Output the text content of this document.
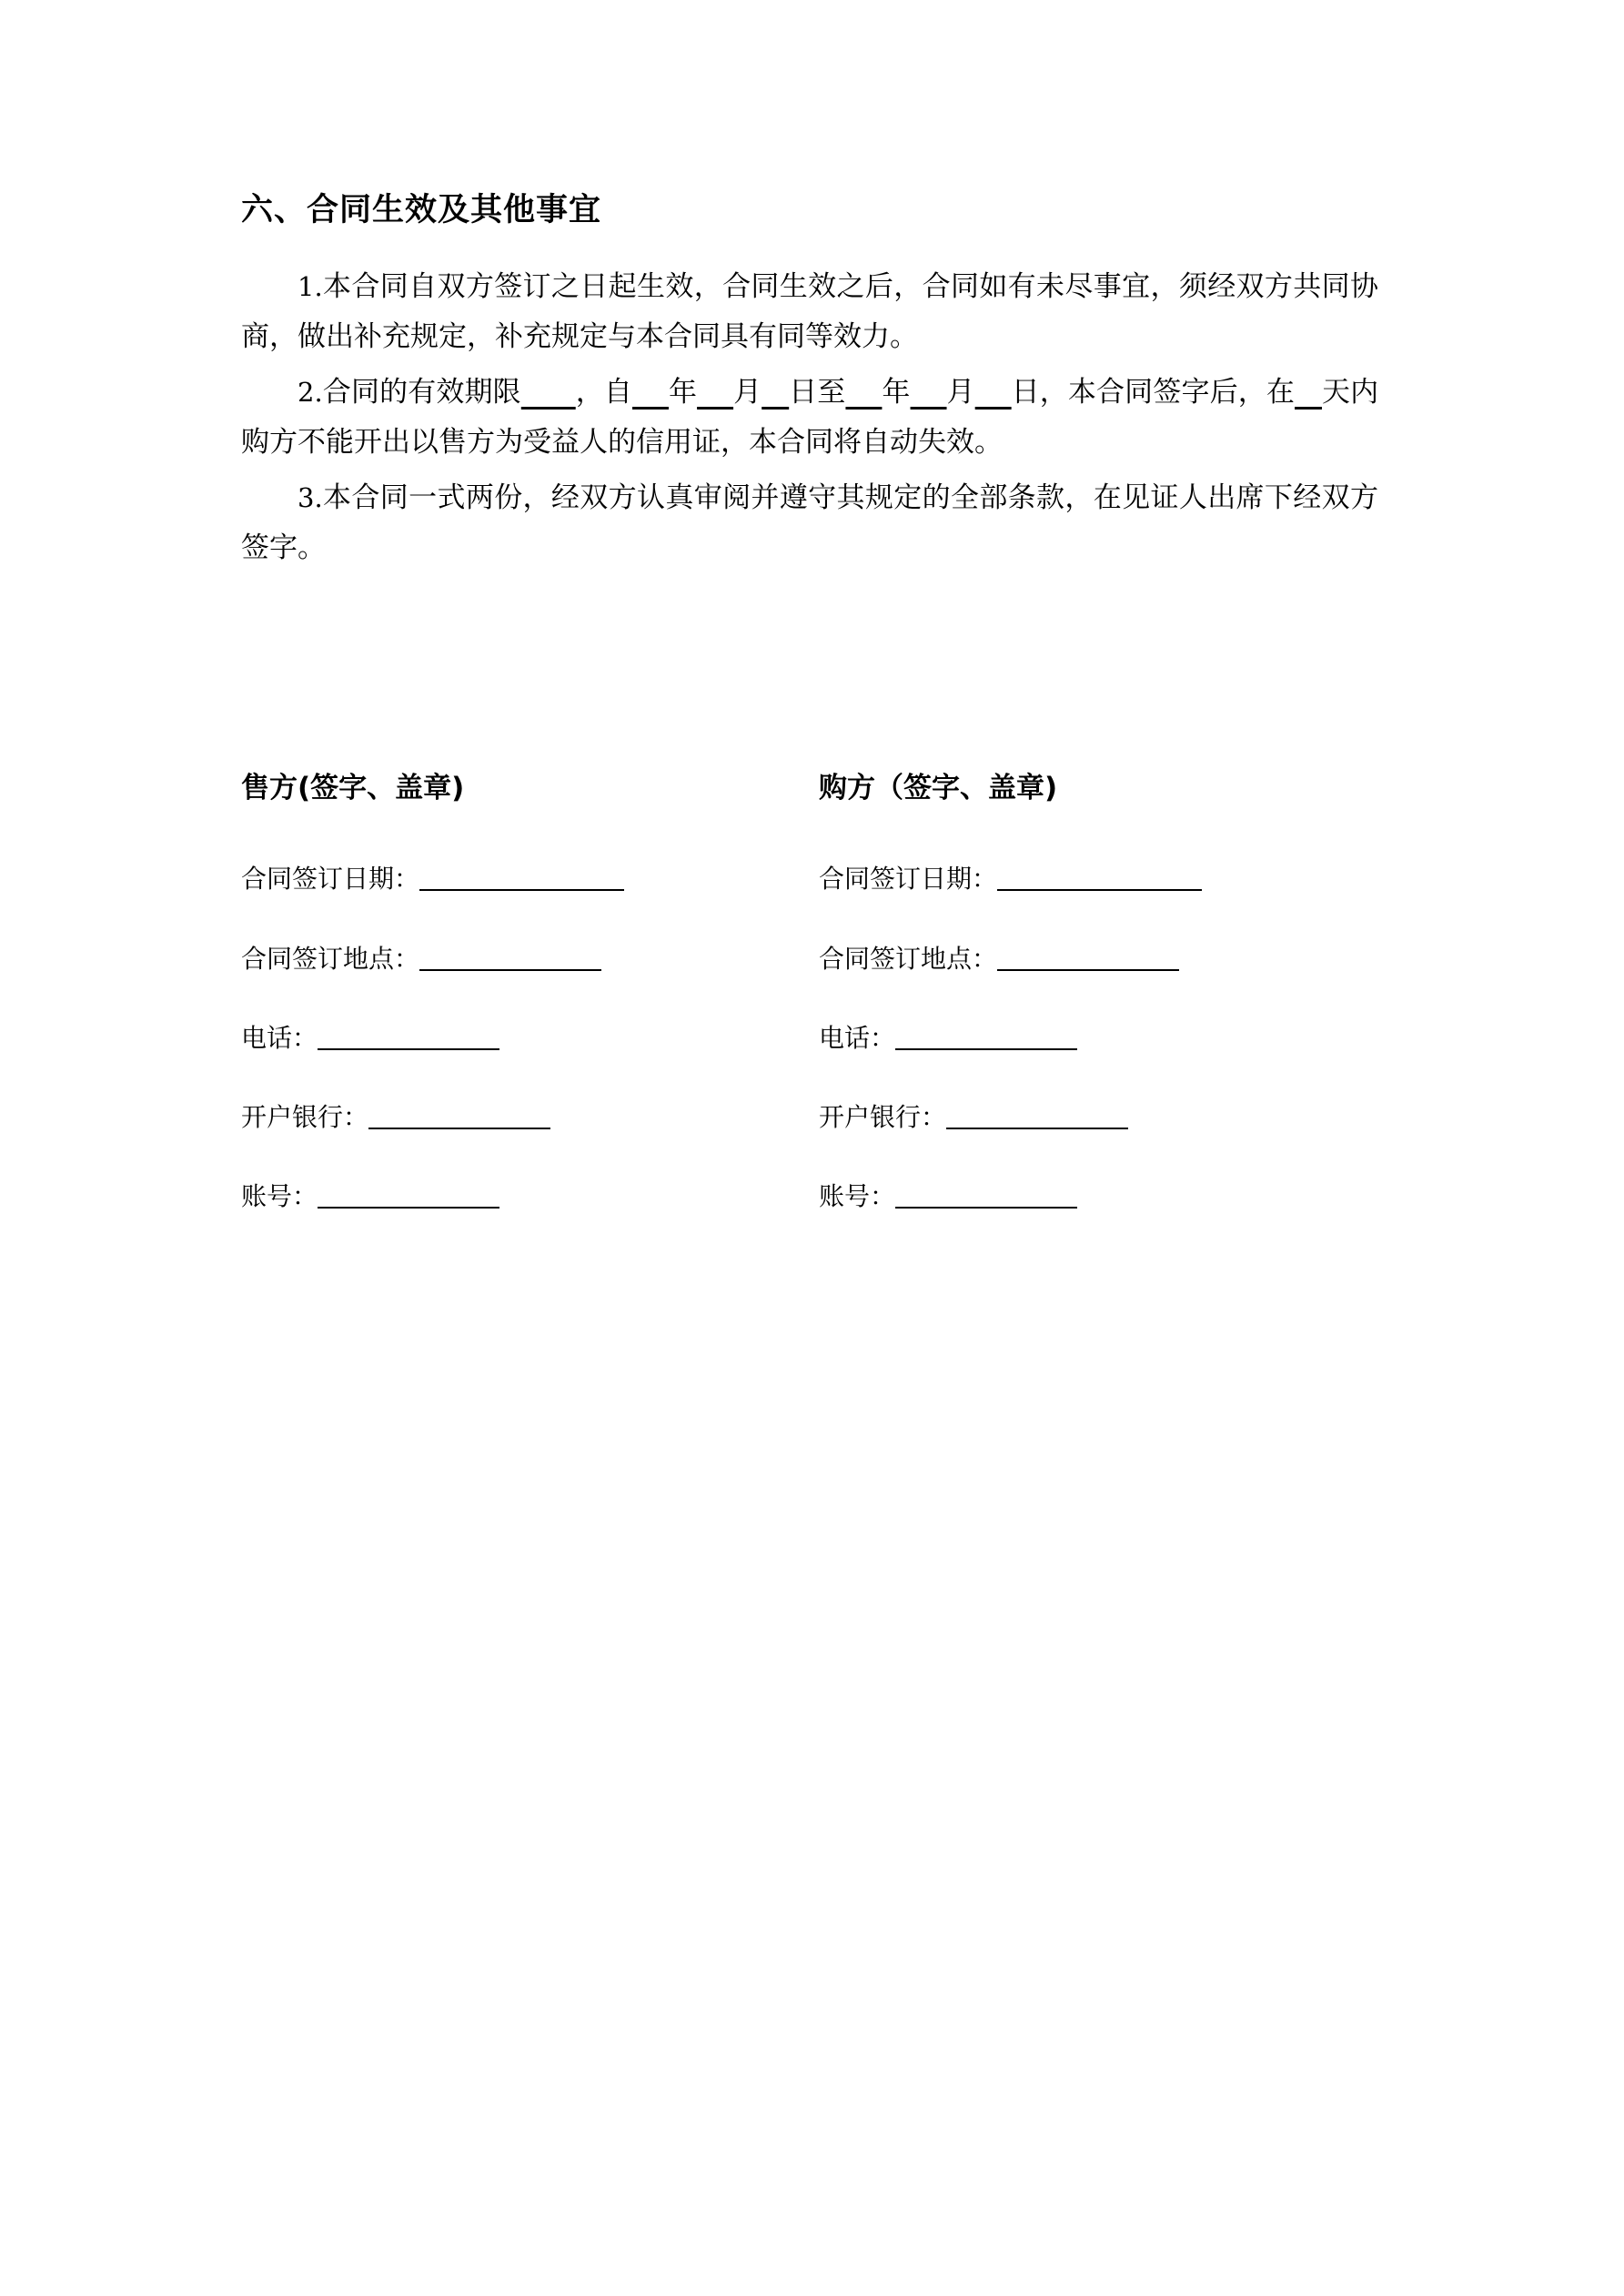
六、合同生效及其他事宜

1.本合同自双方签订之日起生效，合同生效之后，合同如有未尽事宜，须经双方共同协商，做出补充规定，补充规定与本合同具有同等效力。

2.合同的有效期限 ，自 年 月 日至 年 月 日，本合同签字后，在 天内购方不能开出以售方为受益人的信用证，本合同将自动失效。

3.本合同一式两份，经双方认真审阅并遵守其规定的全部条款，在见证人出席下经双方签字。

售方(签字、盖章)
合同签订日期：
合同签订地点：
电话：
开户银行：
账号：
购方（签字、盖章)
合同签订日期：
合同签订地点：
电话：
开户银行：
账号：
